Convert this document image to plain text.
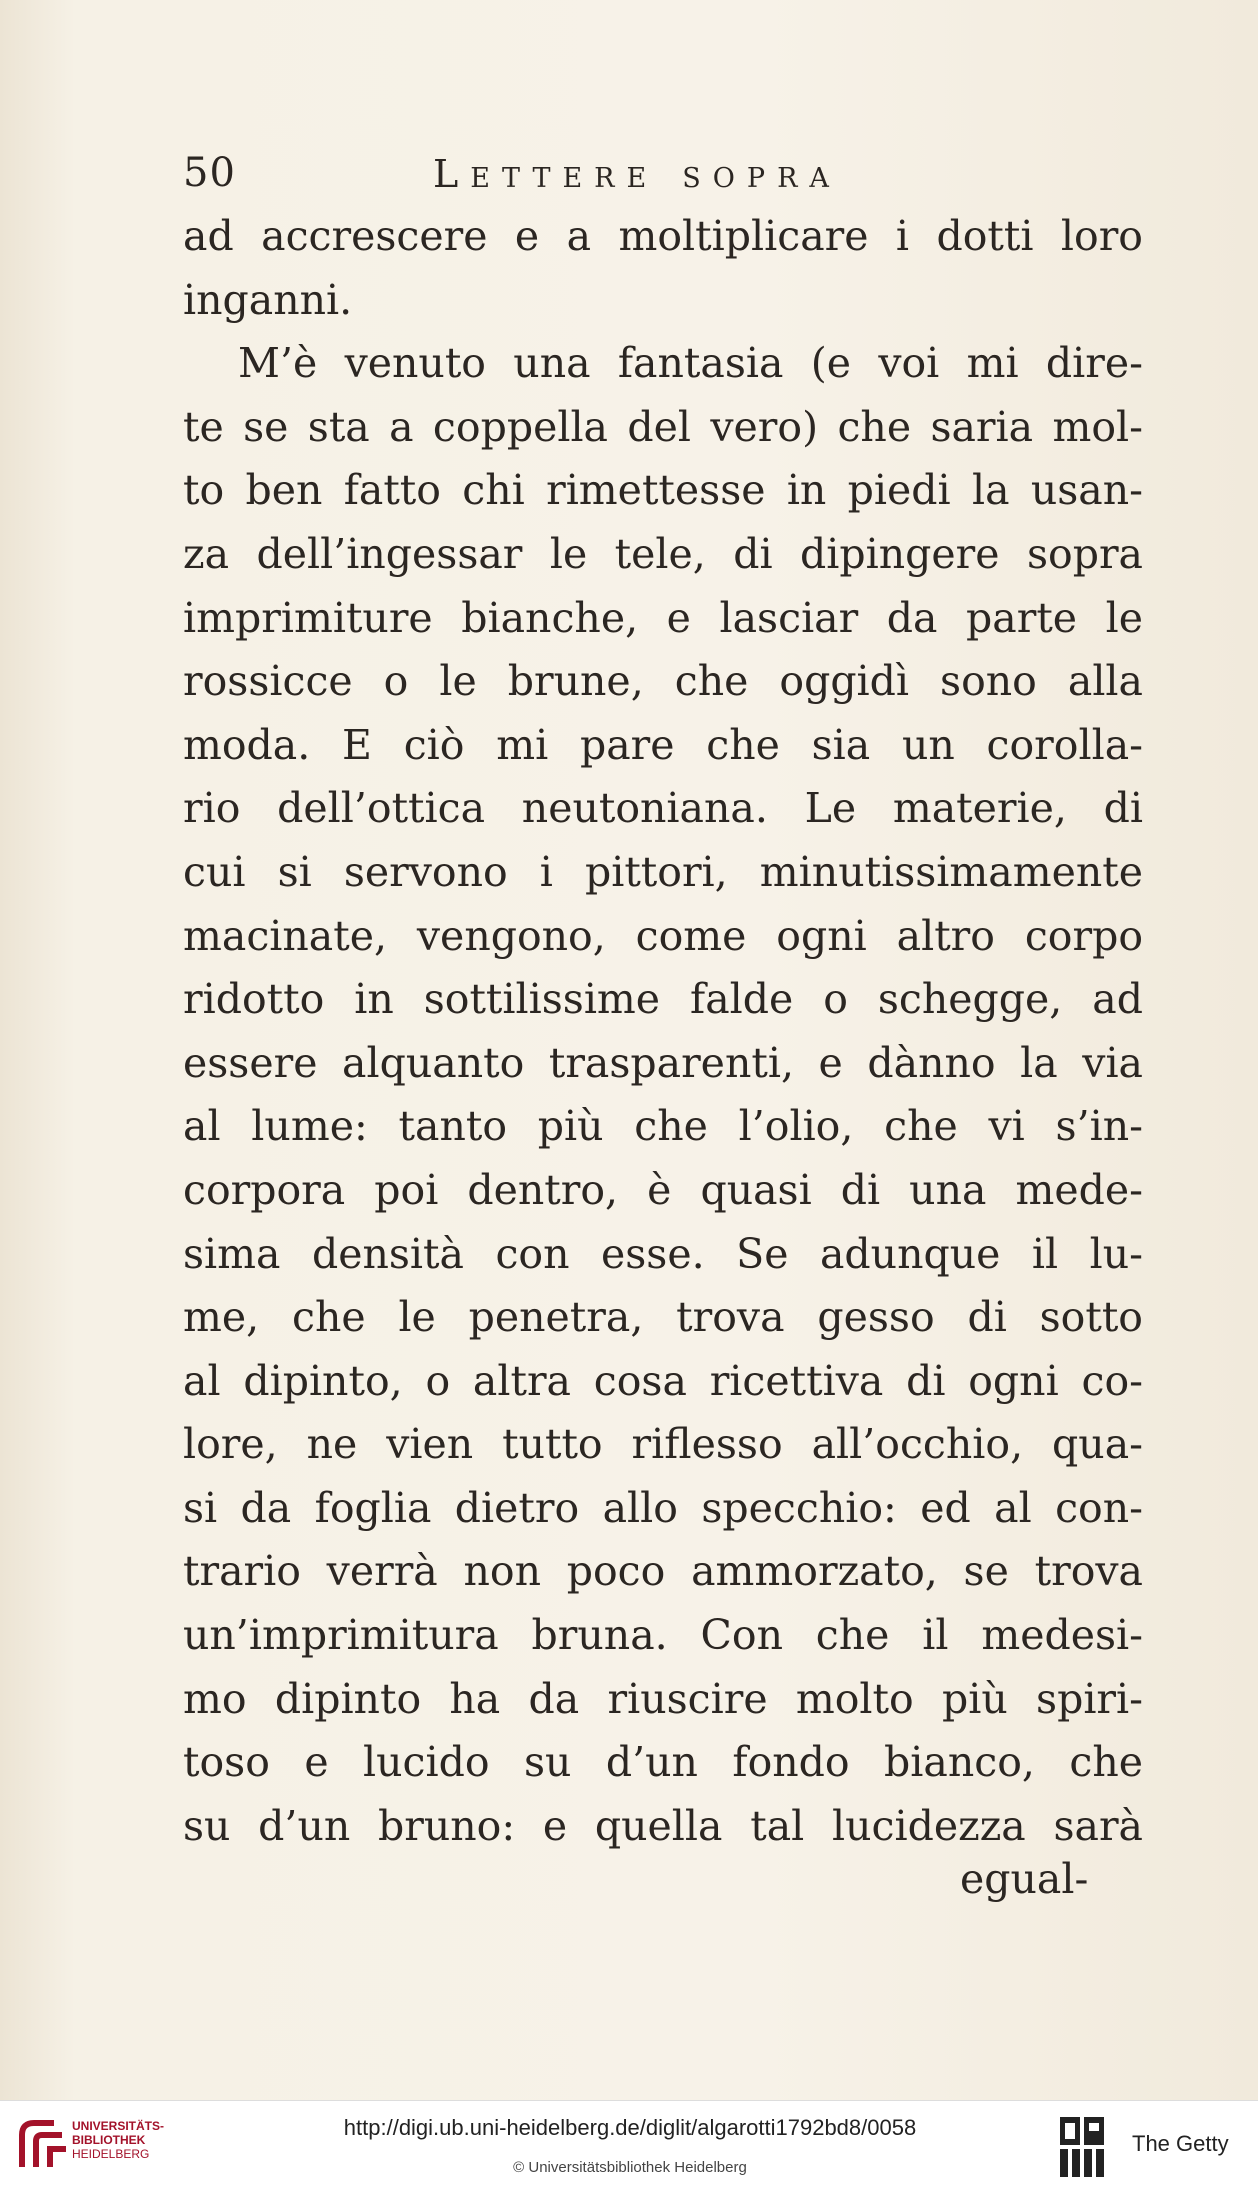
50	Lettere sopra
ad accrescere e a moltiplicare i dotti loro
inganni.
M’è venuto una fantasia (e voi mi dire-
te se sta a coppella del vero) che saria mol-
to ben fatto chi rimettesse in piedi la usan-
za dell’ingessar le tele, di dipingere sopra
imprimiture bianche, e lasciar da parte le
rossicce o le brune, che oggidì sono alla
moda. E ciò mi pare che sia un corolla-
rio dell’ottica neutoniana. Le materie, di
cui si servono i pittori, minutissimamente
macinate, vengono, come ogni altro corpo
ridotto in sottilissime falde o schegge, ad
essere alquanto trasparenti, e dànno la via
al lume: tanto più che l’olio, che vi s’in-
corpora poi dentro, è quasi di una mede-
sima densità con esse. Se adunque il lu-
me, che le penetra, trova gesso di sotto
al dipinto, o altra cosa ricettiva di ogni co-
lore, ne vien tutto riflesso all’occhio, qua-
si da foglia dietro allo specchio: ed al con-
trario verrà non poco ammorzato, se trova
un’imprimitura bruna. Con che il medesi-
mo dipinto ha da riuscire molto più spiri-
toso e lucido su d’un fondo bianco, che
su d’un bruno: e quella tal lucidezza sarà
egual-
UNIVERSITÄTS-
BIBLIOTHEK
HEIDELBERG
http://digi.ub.uni-heidelberg.de/diglit/algarotti1792bd8/0058
© Universitätsbibliothek Heidelberg
The Getty
